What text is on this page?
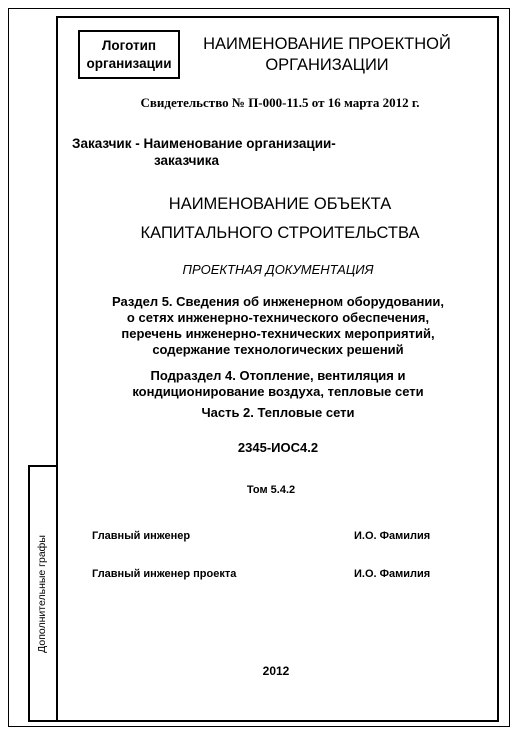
Дополнительные графы
Логотип
организации
НАИМЕНОВАНИЕ ПРОЕКТНОЙ
ОРГАНИЗАЦИИ
Свидетельство № П-000-11.5 от 16 марта 2012 г.
Заказчик - Наименование организации-
заказчика
НАИМЕНОВАНИЕ ОБЪЕКТА
КАПИТАЛЬНОГО СТРОИТЕЛЬСТВА
ПРОЕКТНАЯ ДОКУМЕНТАЦИЯ
Раздел 5. Сведения об инженерном оборудовании,
о сетях инженерно-технического обеспечения,
перечень инженерно-технических мероприятий,
содержание технологических решений
Подраздел 4. Отопление, вентиляция и
кондиционирование воздуха, тепловые сети
Часть 2. Тепловые сети
2345-ИОС4.2
Том 5.4.2
Главный инженер	И.О. Фамилия
Главный инженер проекта	И.О. Фамилия
2012
